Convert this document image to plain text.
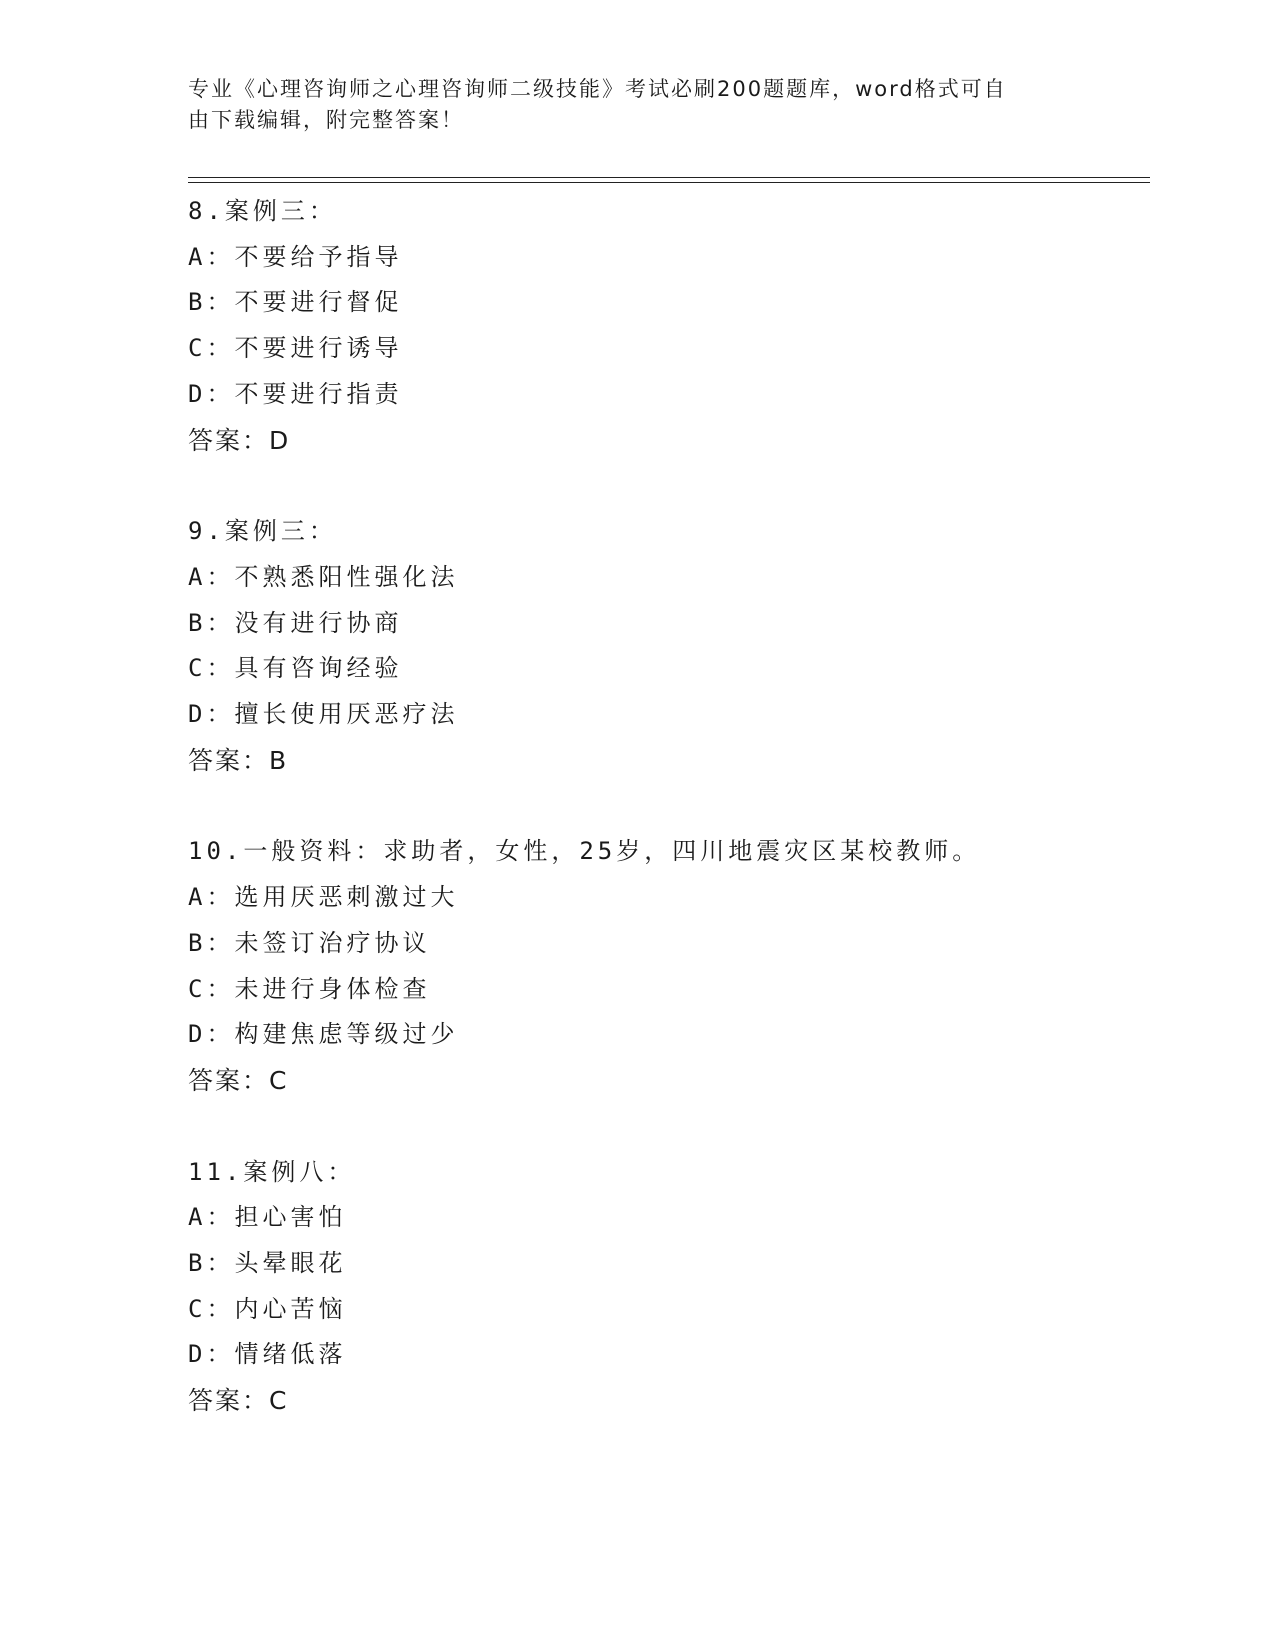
专业《心理咨询师之心理咨询师二级技能》考试必刷200题题库，word格式可自
由下载编辑，附完整答案！
8.案例三：
A：不要给予指导
B：不要进行督促
C：不要进行诱导
D：不要进行指责
答案：D
9.案例三：
A：不熟悉阳性强化法
B：没有进行协商
C：具有咨询经验
D：擅长使用厌恶疗法
答案：B
10.一般资料：求助者，女性，25岁，四川地震灾区某校教师。
A：选用厌恶刺激过大
B：未签订治疗协议
C：未进行身体检查
D：构建焦虑等级过少
答案：C
11.案例八：
A：担心害怕
B：头晕眼花
C：内心苦恼
D：情绪低落
答案：C
